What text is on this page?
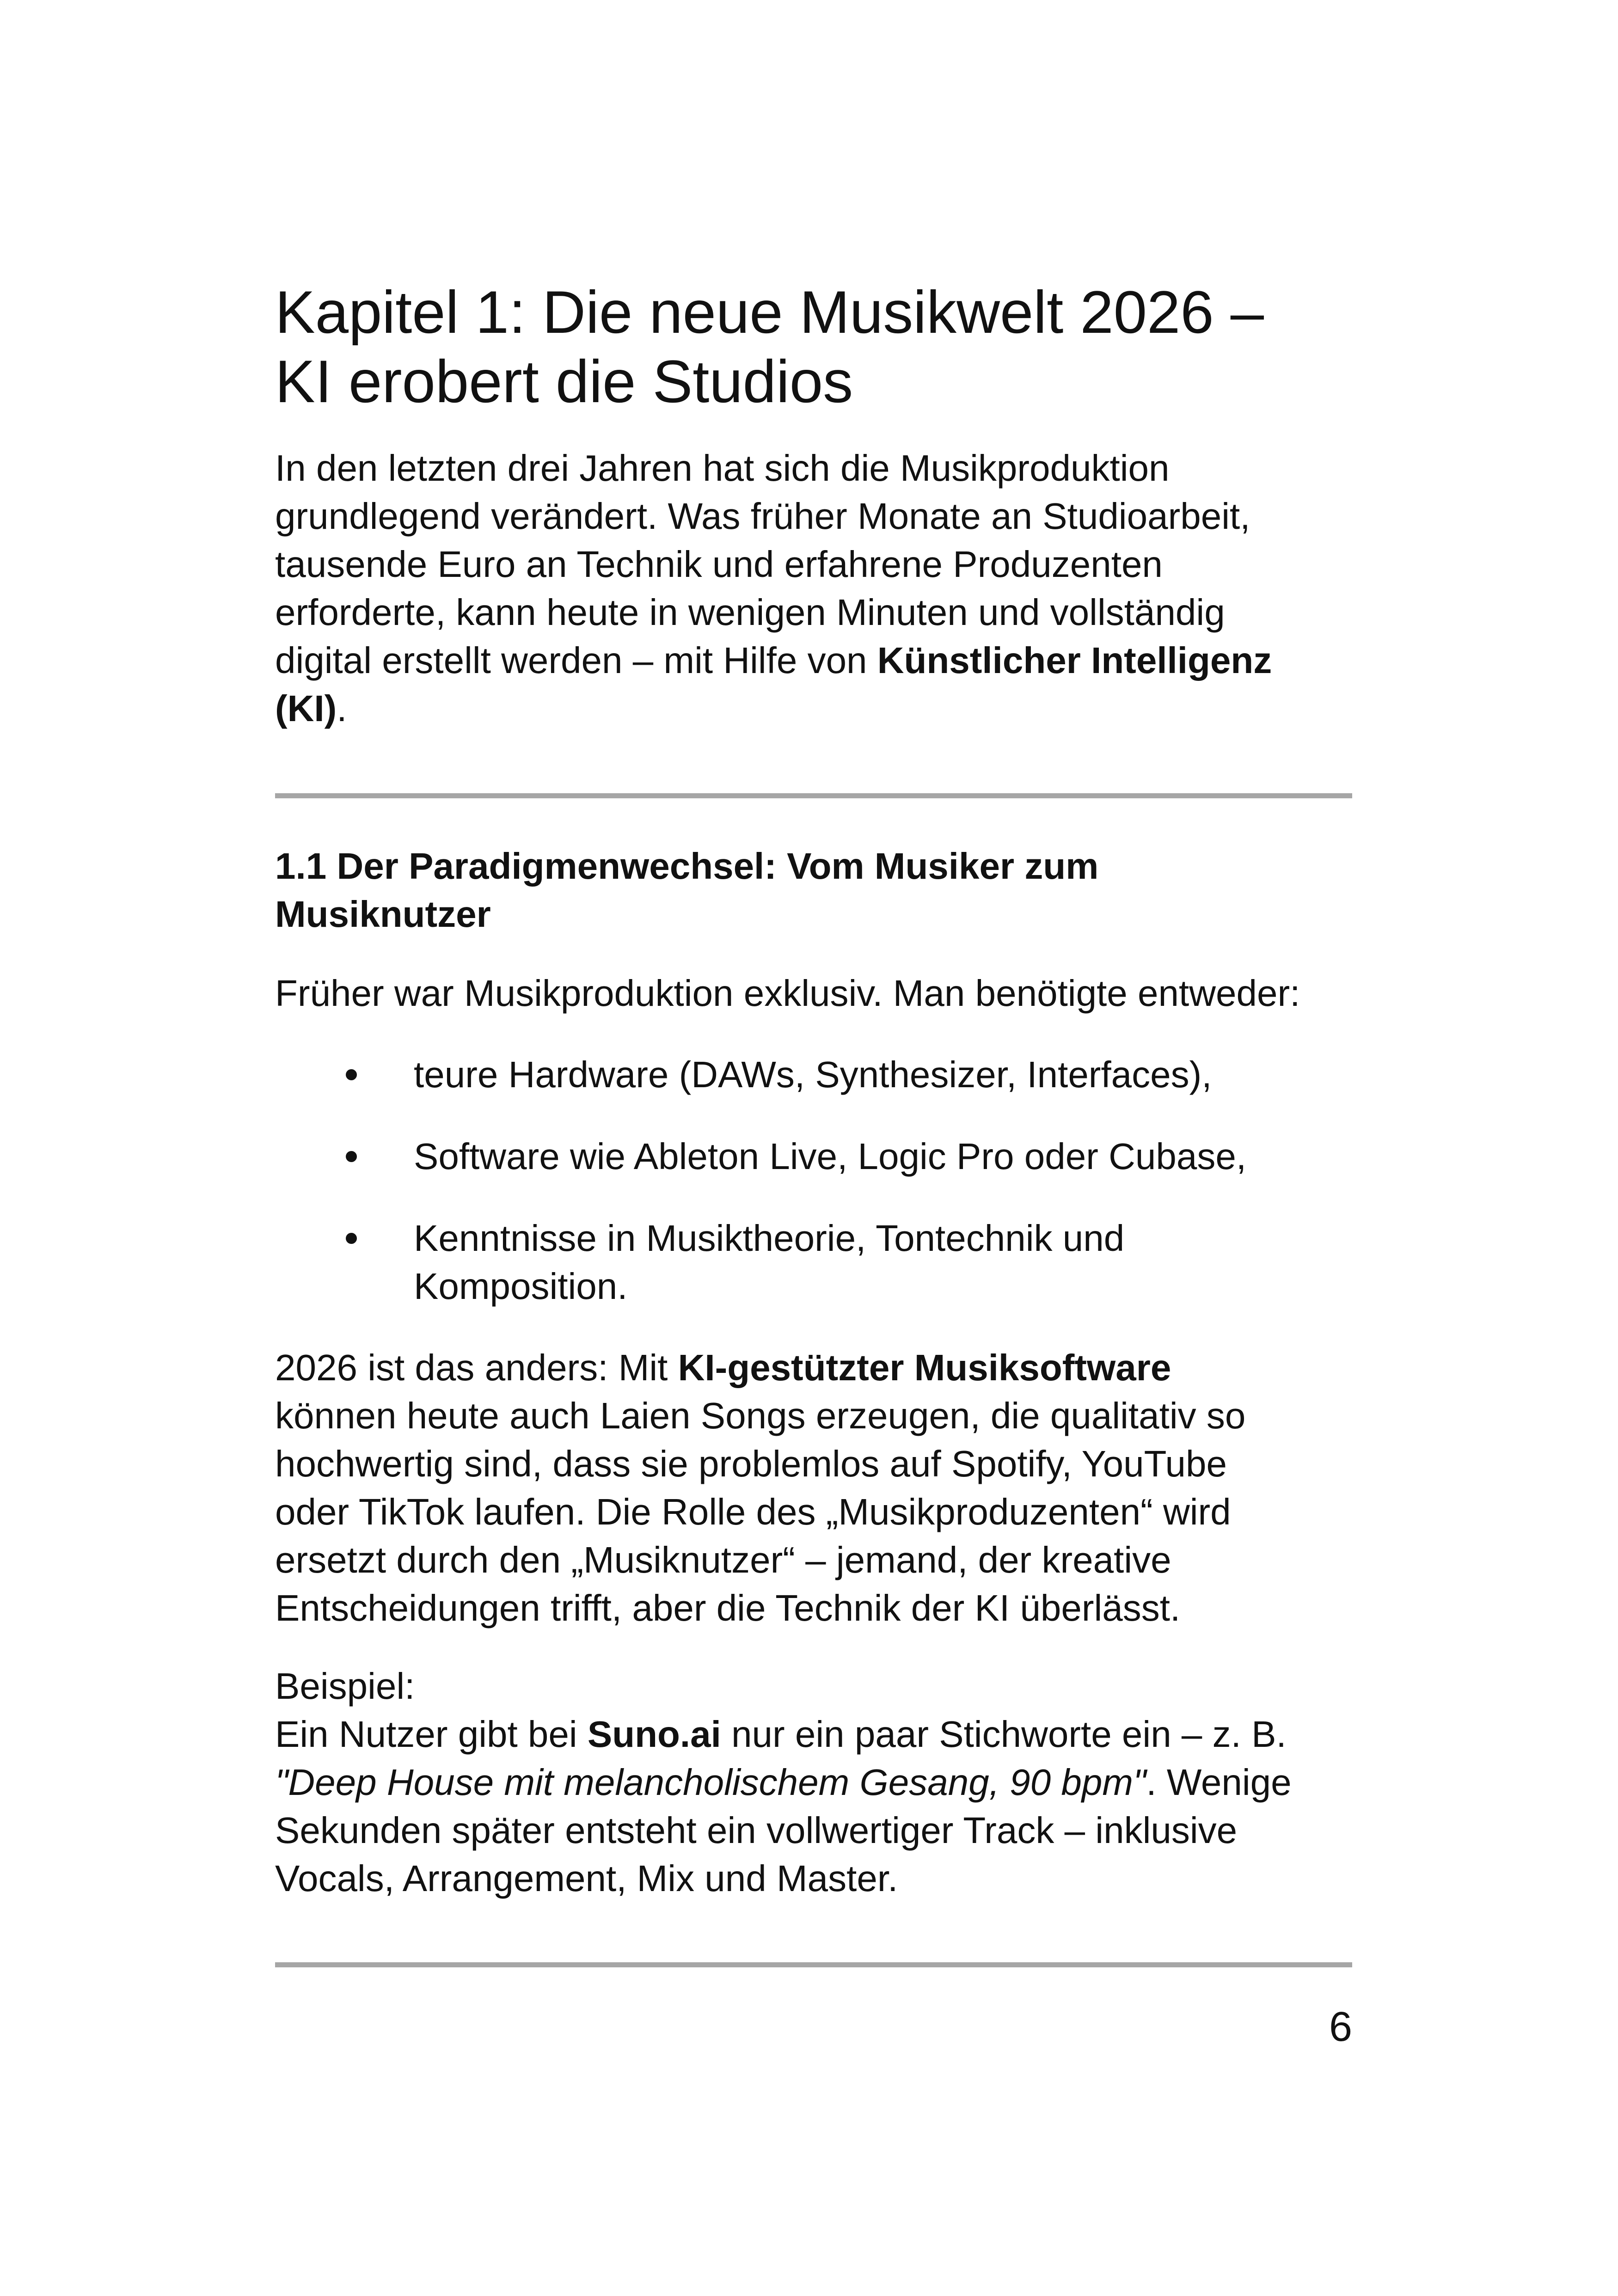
Kapitel 1: Die neue Musikwelt 2026 –
KI erobert die Studios

In den letzten drei Jahren hat sich die Musikproduktion
grundlegend verändert. Was früher Monate an Studioarbeit,
tausende Euro an Technik und erfahrene Produzenten
erforderte, kann heute in wenigen Minuten und vollständig
digital erstellt werden – mit Hilfe von Künstlicher Intelligenz
(KI).

1.1 Der Paradigmenwechsel: Vom Musiker zum
Musiknutzer

Früher war Musikproduktion exklusiv. Man benötigte entweder:

teure Hardware (DAWs, Synthesizer, Interfaces),
Software wie Ableton Live, Logic Pro oder Cubase,
Kenntnisse in Musiktheorie, Tontechnik und
Komposition.

2026 ist das anders: Mit KI-gestützter Musiksoftware
können heute auch Laien Songs erzeugen, die qualitativ so
hochwertig sind, dass sie problemlos auf Spotify, YouTube
oder TikTok laufen. Die Rolle des „Musikproduzenten“ wird
ersetzt durch den „Musiknutzer“ – jemand, der kreative
Entscheidungen trifft, aber die Technik der KI überlässt.

Beispiel:
Ein Nutzer gibt bei Suno.ai nur ein paar Stichworte ein – z. B.
"Deep House mit melancholischem Gesang, 90 bpm". Wenige
Sekunden später entsteht ein vollwertiger Track – inklusive
Vocals, Arrangement, Mix und Master.

6
